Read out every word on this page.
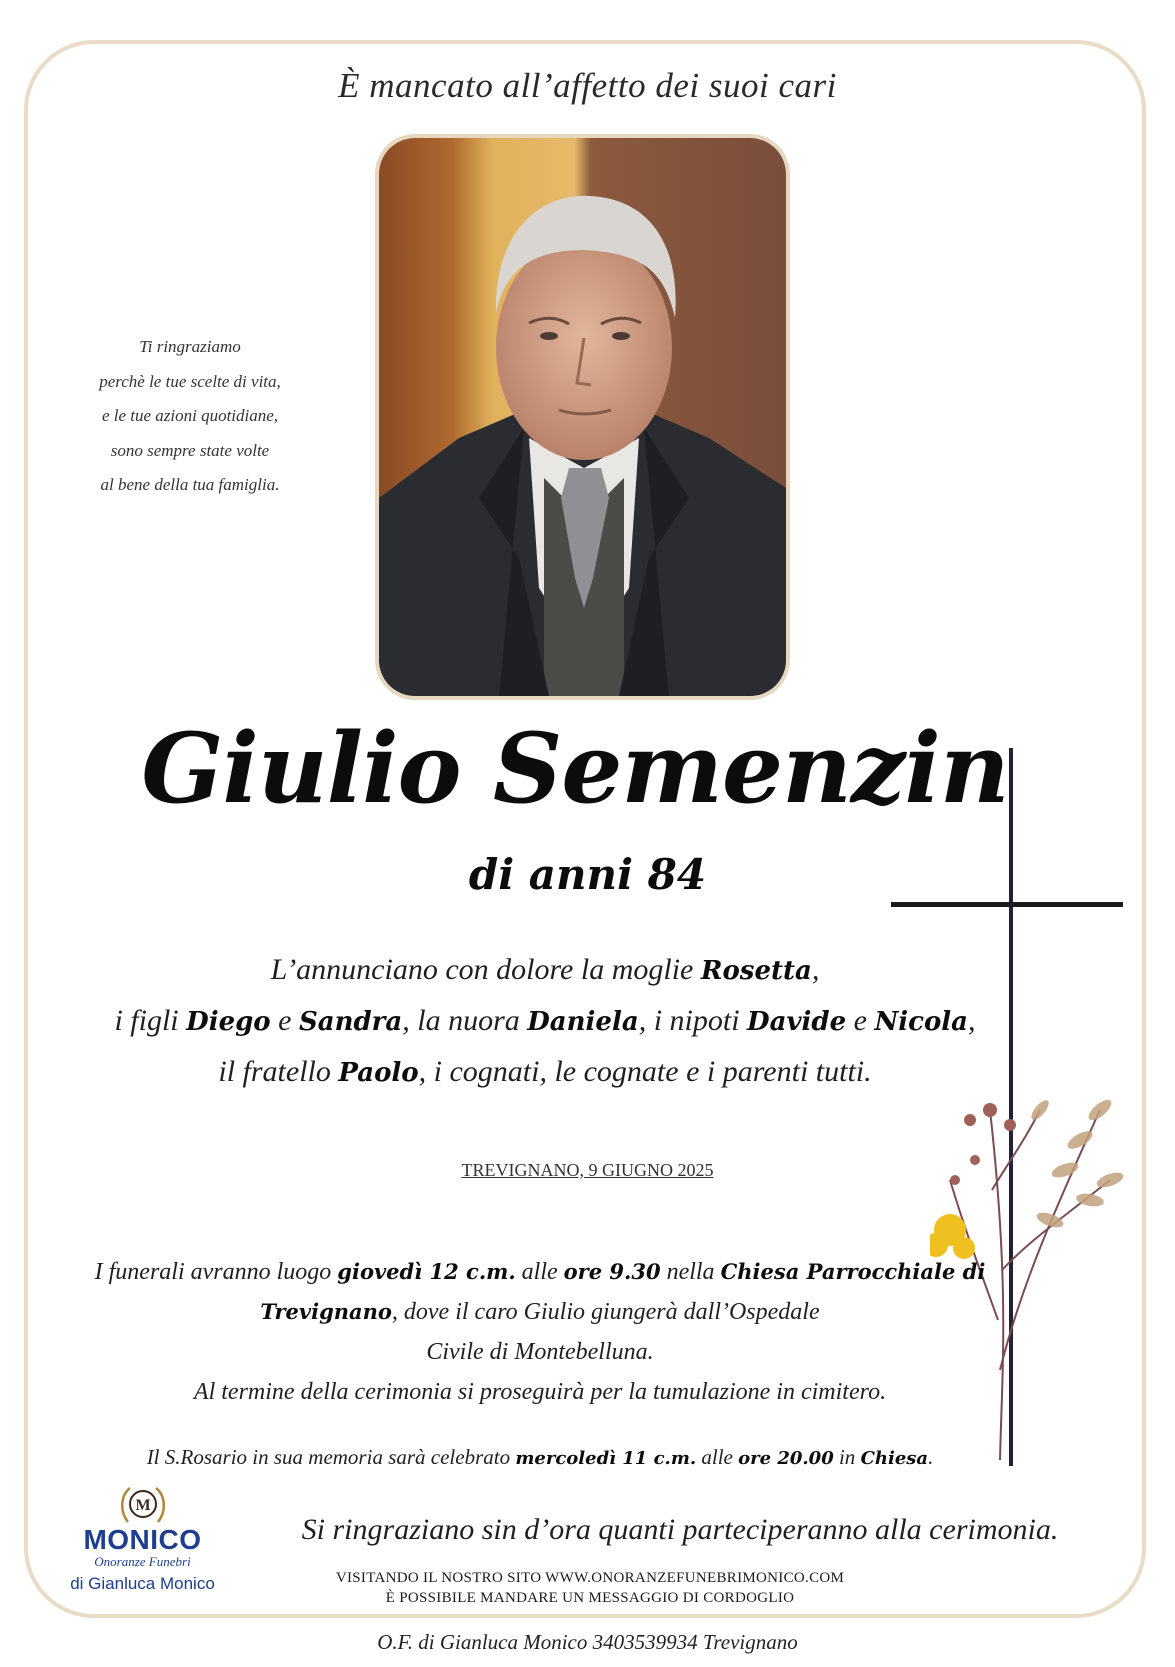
È mancato all’affetto dei suoi cari
Ti ringraziamo
perchè le tue scelte di vita,
e le tue azioni quotidiane,
sono sempre state volte
al bene della tua famiglia.
Giulio Semenzin
di anni 84
L’annunciano con dolore la moglie Rosetta,
i figli Diego e Sandra, la nuora Daniela, i nipoti Davide e Nicola,
il fratello Paolo, i cognati, le cognate e i parenti tutti.
TREVIGNANO, 9 GIUGNO 2025
I funerali avranno luogo giovedì 12 c.m. alle ore 9.30 nella Chiesa Parrocchiale di
Trevignano, dove il caro Giulio giungerà dall’Ospedale
Civile di Montebelluna.
Al termine della cerimonia si proseguirà per la tumulazione in cimitero.
Il S.Rosario in sua memoria sarà celebrato mercoledì 11 c.m. alle ore 20.00 in Chiesa.
M
MONICO
Onoranze Funebri
di Gianluca Monico
Si ringraziano sin d’ora quanti parteciperanno alla cerimonia.
VISITANDO IL NOSTRO SITO WWW.ONORANZEFUNEBRIMONICO.COM
È POSSIBILE MANDARE UN MESSAGGIO DI CORDOGLIO
O.F. di Gianluca Monico 3403539934 Trevignano
